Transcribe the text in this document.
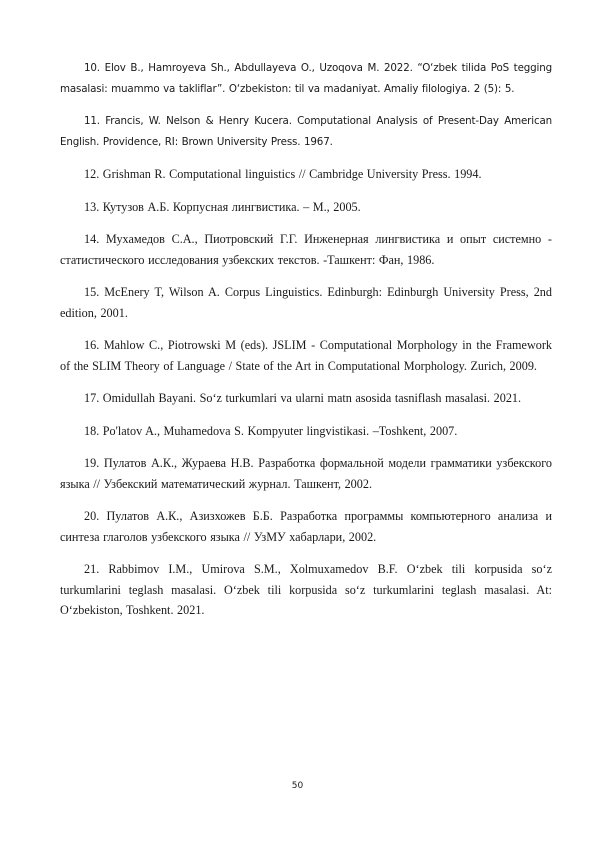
10. Elov B., Hamroyeva Sh., Abdullayeva O., Uzoqova M. 2022. “O‘zbek tilida PoS tegging masalasi: muammo va takliflar”. O‘zbekiston: til va madaniyat. Amaliy filologiya. 2 (5): 5.

11. Francis, W. Nelson & Henry Kucera. Computational Analysis of Present-Day American English. Providence, RI: Brown University Press. 1967.

12. Grishman R. Computational linguistics // Cambridge University Press. 1994.

13. Кутузов А.Б. Корпусная лингвистика. – М., 2005.

14. Мухамедов С.А., Пиотровский Г.Г. Инженерная лингвистика и опыт системно - статистического исследования узбекских текстов. -Ташкент: Фан, 1986.

15. McEnery T, Wilson A. Corpus Linguistics. Edinburgh: Edinburgh University Press, 2nd edition, 2001.

16. Mahlow C., Piotrowski M (eds). JSLIM - Computational Morphology in the Framework of the SLIM Theory of Language / State of the Art in Computational Morphology. Zurich, 2009.

17. Omidullah Bayani. So‘z turkumlari va ularni matn asosida tasniflash masalasi. 2021.

18. Po'latov A., Muhamedova S. Kompyuter lingvistikasi. –Toshkent, 2007.

19. Пулатов А.К., Жураева Н.В. Разработка формальной модели грамматики узбекского языка // Узбекский математический журнал. Ташкент, 2002.

20. Пулатов А.К., Азизхожев Б.Б. Разработка программы компьютерного анализа и синтеза глаголов узбекского языка // УзМУ хабарлари, 2002.

21. Rabbimov I.M., Umirova S.M., Xolmuxamedov B.F. O‘zbek tili korpusida so‘z turkumlarini teglash masalasi. O‘zbek tili korpusida so‘z turkumlarini teglash masalasi. At: O‘zbekiston, Toshkent. 2021.

50
